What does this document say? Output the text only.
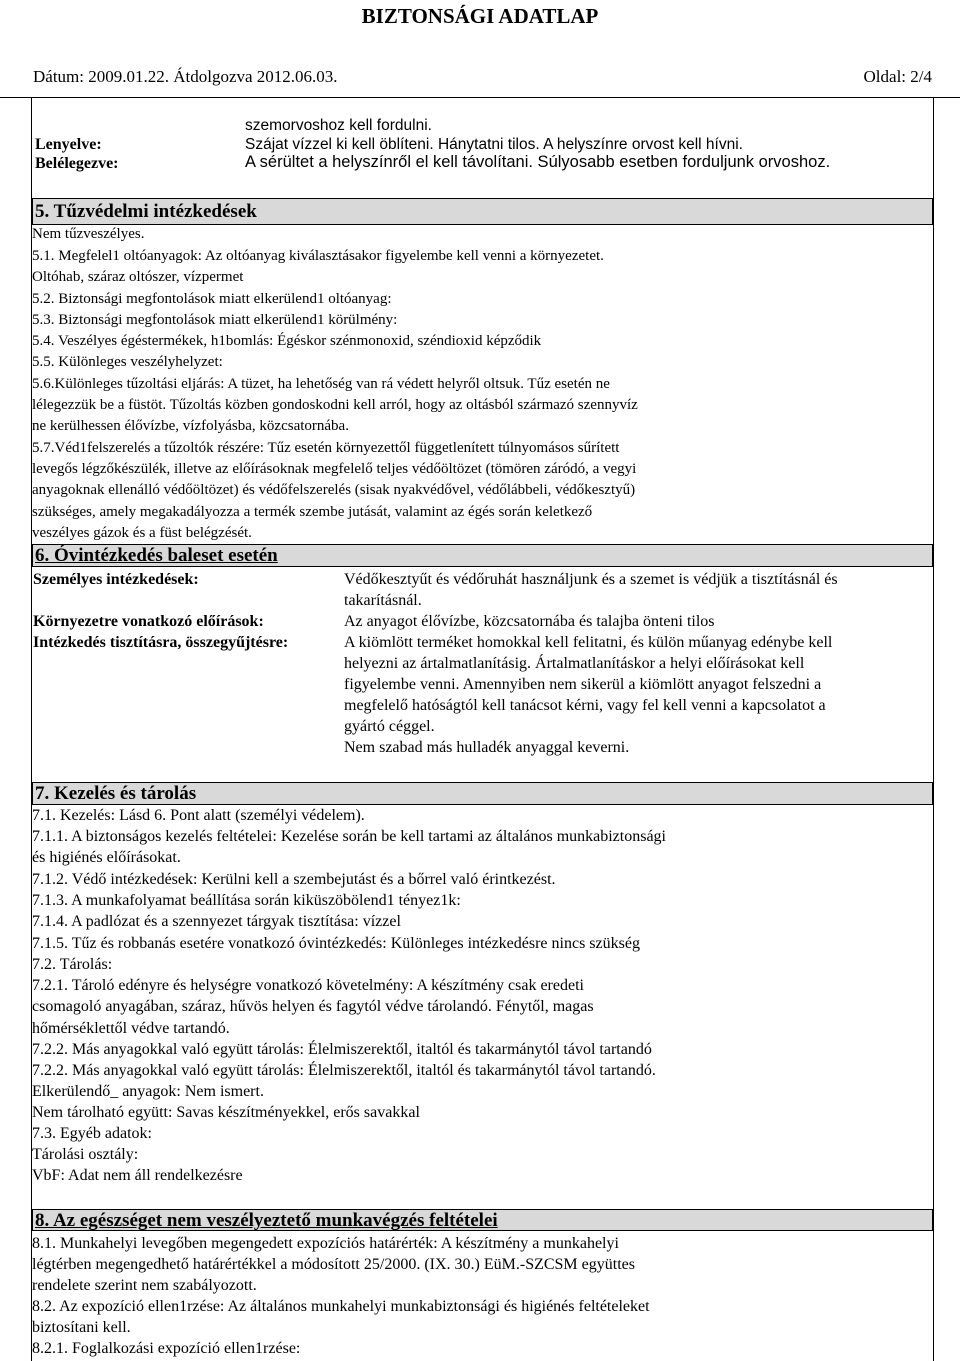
BIZTONSÁGI ADATLAP
Dátum: 2009.01.22. Átdolgozva 2012.06.03.	Oldal: 2/4
szemorvoshoz kell fordulni.
Lenyelve:	Szájat vízzel ki kell öblíteni. Hánytatni tilos. A helyszínre orvost kell hívni.
Belélegezve:	A sérültet a helyszínről el kell távolítani. Súlyosabb esetben forduljunk orvoshoz.
5. Tűzvédelmi intézkedések
Nem tűzveszélyes.
5.1. Megfelel1 oltóanyagok: Az oltóanyag kiválasztásakor figyelembe kell venni a környezetet.
Oltóhab, száraz oltószer, vízpermet
5.2. Biztonsági megfontolások miatt elkerülend1 oltóanyag:
5.3. Biztonsági megfontolások miatt elkerülend1 körülmény:
5.4. Veszélyes égéstermékek, h1bomlás: Égéskor szénmonoxid, széndioxid képződik
5.5. Különleges veszélyhelyzet:
5.6.Különleges tűzoltási eljárás: A tüzet, ha lehetőség van rá védett helyről oltsuk. Tűz esetén ne
lélegezzük be a füstöt. Tűzoltás közben gondoskodni kell arról, hogy az oltásból származó szennyvíz
ne kerülhessen élővízbe, vízfolyásba, közcsatornába.
5.7.Véd1felszerelés a tűzoltók részére: Tűz esetén környezettől függetlenített túlnyomásos sűrített
levegős légzőkészülék, illetve az előírásoknak megfelelő teljes védőöltözet (tömören záródó, a vegyi
anyagoknak ellenálló védőöltözet) és védőfelszerelés (sisak nyakvédővel, védőlábbeli, védőkesztyű)
szükséges, amely megakadályozza a termék szembe jutását, valamint az égés során keletkező
veszélyes gázok és a füst belégzését.
6. Óvintézkedés baleset esetén
Személyes intézkedések:	Védőkesztyűt és védőruhát használjunk és a szemet is védjük a tisztításnál és
takarításnál.
Környezetre vonatkozó előírások:	Az anyagot élővízbe, közcsatornába és talajba önteni tilos
Intézkedés tisztításra, összegyűjtésre:	A kiömlött terméket homokkal kell felitatni, és külön műanyag edénybe kell
helyezni az ártalmatlanításig. Ártalmatlanításkor a helyi előírásokat kell
figyelembe venni. Amennyiben nem sikerül a kiömlött anyagot felszedni a
megfelelő hatóságtól kell tanácsot kérni, vagy fel kell venni a kapcsolatot a
gyártó céggel.
Nem szabad más hulladék anyaggal keverni.
7. Kezelés és tárolás
7.1. Kezelés: Lásd 6. Pont alatt (személyi védelem).
7.1.1. A biztonságos kezelés feltételei: Kezelése során be kell tartami az általános munkabiztonsági
és higiénés előírásokat.
7.1.2. Védő intézkedések: Kerülni kell a szembejutást és a bőrrel való érintkezést.
7.1.3. A munkafolyamat beállítása során kiküszöbölend1 tényez1k:
7.1.4. A padlózat és a szennyezet tárgyak tisztítása: vízzel
7.1.5. Tűz és robbanás esetére vonatkozó óvintézkedés: Különleges intézkedésre nincs szükség
7.2. Tárolás:
7.2.1. Tároló edényre és helységre vonatkozó követelmény: A készítmény csak eredeti
csomagoló anyagában, száraz, hűvös helyen és fagytól védve tárolandó. Fénytől, magas
hőmérséklettől védve tartandó.
7.2.2. Más anyagokkal való együtt tárolás: Élelmiszerektől, italtól és takarmánytól távol tartandó
7.2.2. Más anyagokkal való együtt tárolás: Élelmiszerektől, italtól és takarmánytól távol tartandó.
Elkerülendő_ anyagok: Nem ismert.
Nem tárolható együtt: Savas készítményekkel, erős savakkal
7.3. Egyéb adatok:
Tárolási osztály:
VbF: Adat nem áll rendelkezésre
8. Az egészséget nem veszélyeztető munkavégzés feltételei
8.1. Munkahelyi levegőben megengedett expozíciós határérték: A készítmény a munkahelyi
légtérben megengedhető határértékkel a módosított 25/2000. (IX. 30.) EüM.-SZCSM együttes
rendelete szerint nem szabályozott.
8.2. Az expozíció ellen1rzése: Az általános munkahelyi munkabiztonsági és higiénés feltételeket
biztosítani kell.
8.2.1. Foglalkozási expozíció ellen1rzése:
